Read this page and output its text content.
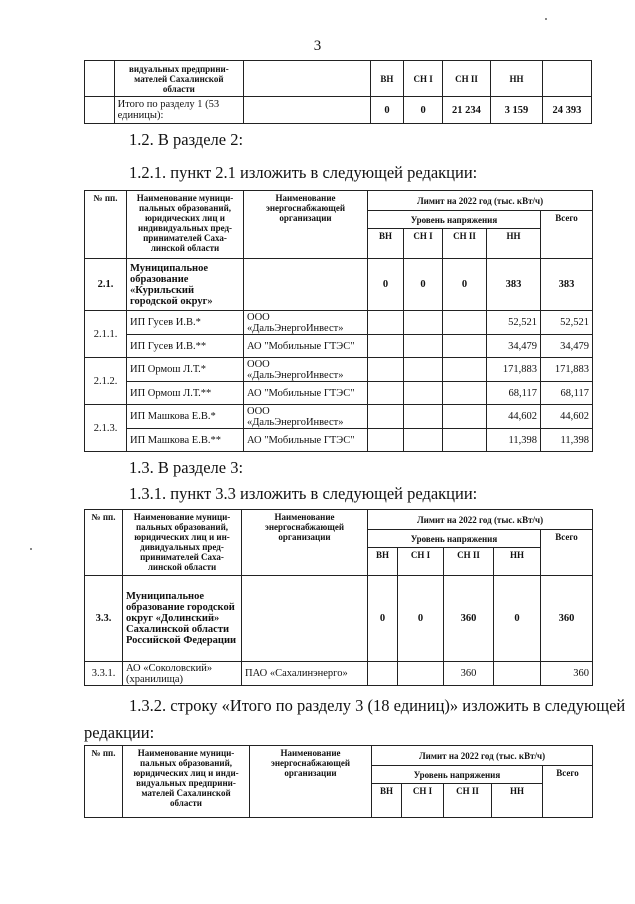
3
	видуальных предприни-мателей Сахалинской области		ВН	СН I	СН II	НН	
	Итого по разделу 1 (53 единицы):		0	0	21 234	3 159	24 393
1.2. В разделе 2:
1.2.1. пункт 2.1 изложить в следующей редакции:
№ пп.	Наименование муници-пальных образований, юридических лиц и индивидуальных пред-принимателей Саха-линской области	Наименование энергоснабжающей организации	Лимит на 2022 год (тыс. кВт/ч)				
			Уровень напряжения				Всего
			ВН	СН I	СН II	НН	
2.1.	Муниципальное образование «Курильский городской округ»		0	0	0	383	383
2.1.1.	ИП Гусев И.В.*	ООО «ДальЭнергоИнвест»				52,521	52,521
	ИП Гусев И.В.**	АО "Мобильные ГТЭС"				34,479	34,479
2.1.2.	ИП Ормош Л.Т.*	ООО «ДальЭнергоИнвест»				171,883	171,883
	ИП Ормош Л.Т.**	АО "Мобильные ГТЭС"				68,117	68,117
2.1.3.	ИП Машкова Е.В.*	ООО «ДальЭнергоИнвест»				44,602	44,602
	ИП Машкова Е.В.**	АО "Мобильные ГТЭС"				11,398	11,398
1.3. В разделе 3:
1.3.1. пункт 3.3 изложить в следующей редакции:
№ пп.	Наименование муници-пальных образований, юридических лиц и ин-дивидуальных пред-принимателей Саха-линской области	Наименование энергоснабжающей организации	Лимит на 2022 год (тыс. кВт/ч)				
			Уровень напряжения				Всего
			ВН	СН I	СН II	НН	
3.3.	Муниципальное образование городской округ «Долинский» Сахалинской области Российской Федерации		0	0	360	0	360
3.3.1.	АО «Соколовский» (хранилища)	ПАО «Сахалинэнерго»			360		360
1.3.2. строку «Итого по разделу 3 (18 единиц)» изложить в следующей
редакции:
№ пп.	Наименование муници-пальных образований, юридических лиц и инди-видуальных предприни-мателей Сахалинской области	Наименование энергоснабжающей организации	Лимит на 2022 год (тыс. кВт/ч)				
			Уровень напряжения				Всего
			ВН	СН I	СН II	НН	
